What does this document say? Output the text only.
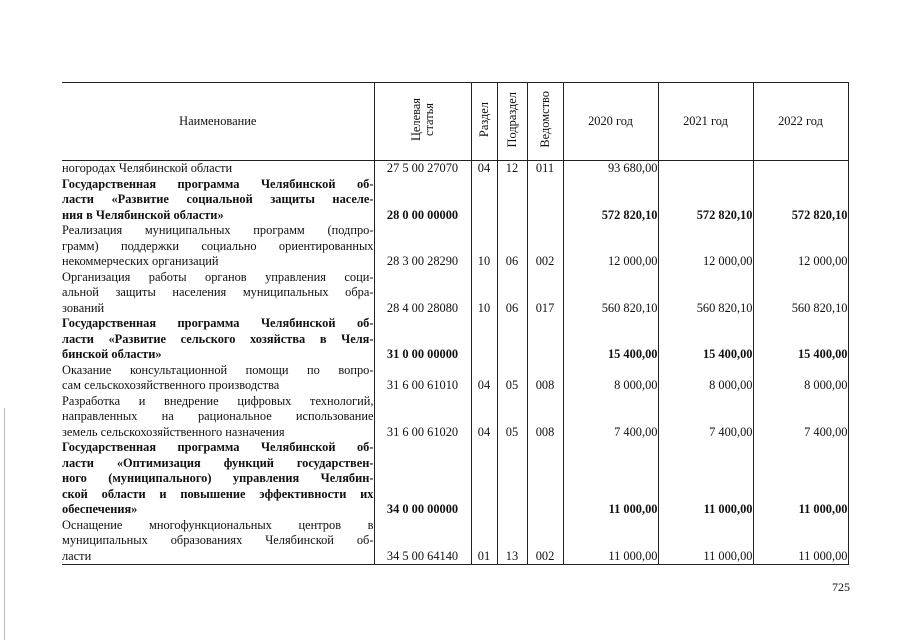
Наименование	Целевая статья	Раздел	Подраздел	Ведомство	2020 год	2021 год	2022 год

ногородах Челябинской области	27 5 00 27070	04	12	011	93 680,00		

Государственная программа Челябинской об-
ласти «Развитие социальной защиты населе-
ния в Челябинской области»	28 0 00 00000				572 820,10	572 820,10	572 820,10

Реализация муниципальных программ (подпро-
грамм) поддержки социально ориентированных
некоммерческих организаций	28 3 00 28290	10	06	002	12 000,00	12 000,00	12 000,00

Организация работы органов управления соци-
альной защиты населения муниципальных обра-
зований	28 4 00 28080	10	06	017	560 820,10	560 820,10	560 820,10

Государственная программа Челябинской об-
ласти «Развитие сельского хозяйства в Челя-
бинской области»	31 0 00 00000				15 400,00	15 400,00	15 400,00

Оказание консультационной помощи по вопро-
сам сельскохозяйственного производства	31 6 00 61010	04	05	008	8 000,00	8 000,00	8 000,00

Разработка и внедрение цифровых технологий,
направленных на рациональное использование
земель сельскохозяйственного назначения	31 6 00 61020	04	05	008	7 400,00	7 400,00	7 400,00

Государственная программа Челябинской об-
ласти «Оптимизация функций государствен-
ного (муниципального) управления Челябин-
ской области и повышение эффективности их
обеспечения»	34 0 00 00000				11 000,00	11 000,00	11 000,00

Оснащение многофункциональных центров в
муниципальных образованиях Челябинской об-
ласти	34 5 00 64140	01	13	002	11 000,00	11 000,00	11 000,00
725
